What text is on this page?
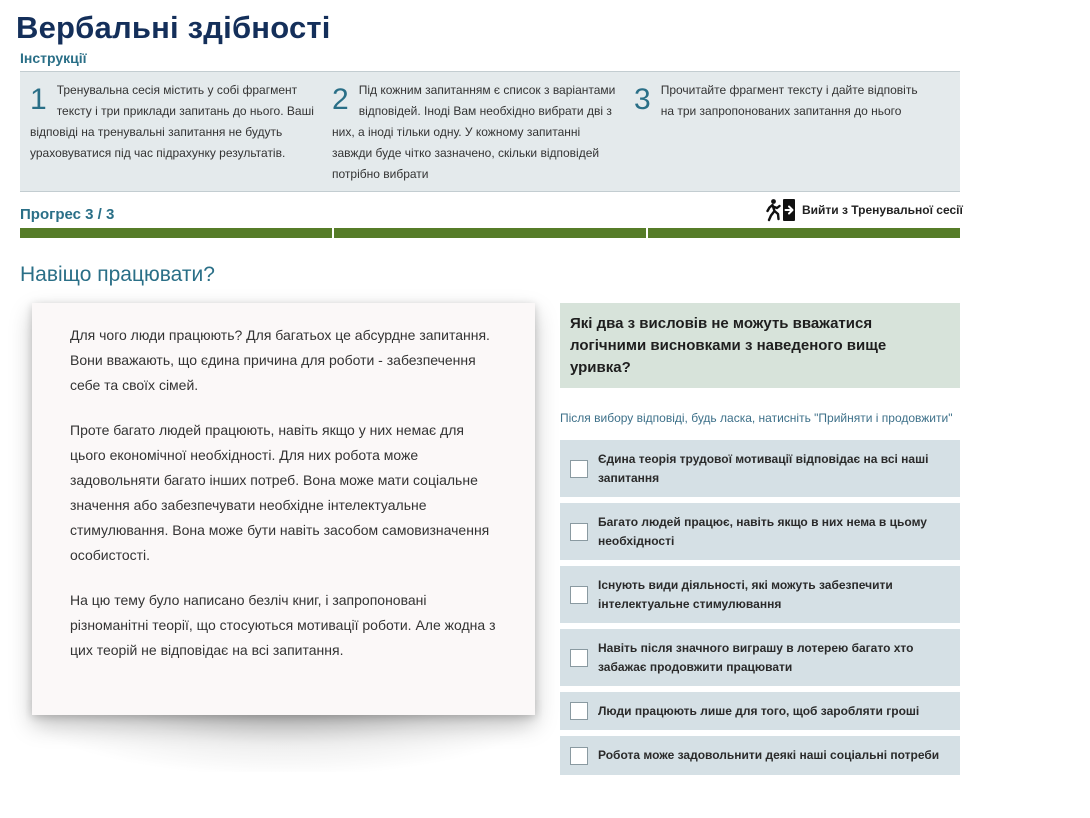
Вербальні здібності
Інструкції
1 Тренувальна сесія містить у собі фрагмент тексту і три приклади запитань до нього. Ваші відповіді на тренувальні запитання не будуть ураховуватися під час підрахунку результатів.
2 Під кожним запитанням є список з варіантами відповідей. Іноді Вам необхідно вибрати дві з них, а іноді тільки одну. У кожному запитанні завжди буде чітко зазначено, скільки відповідей потрібно вибрати
3 Прочитайте фрагмент тексту і дайте відповіть на три запропонованих запитання до нього
Прогрес 3 / 3	Вийти з Тренувальної сесії
Навіщо працювати?

Для чого люди працюють? Для багатьох це абсурдне запитання. Вони вважають, що єдина причина для роботи - забезпечення себе та своїх сімей.

Проте багато людей працюють, навіть якщо у них немає для цього економічної необхідності. Для них робота може задовольняти багато інших потреб. Вона може мати соціальне значення або забезпечувати необхідне інтелектуальне стимулювання. Вона може бути навіть засобом самовизначення особистості.

На цю тему було написано безліч книг, і запропоновані різноманітні теорії, що стосуються мотивації роботи. Але жодна з цих теорій не відповідає на всі запитання.

Які два з висловів не можуть вважатися логічними висновками з наведеного вище уривка?
Після вибору відповіді, будь ласка, натисніть "Прийняти і продовжити"
Єдина теорія трудової мотивації відповідає на всі наші запитання
Багато людей працює, навіть якщо в них нема в цьому необхідності
Існують види діяльності, які можуть забезпечити інтелектуальне стимулювання
Навіть після значного виграшу в лотерею багато хто забажає продовжити працювати
Люди працюють лише для того, щоб заробляти гроші
Робота може задовольнити деякі наші соціальні потреби
